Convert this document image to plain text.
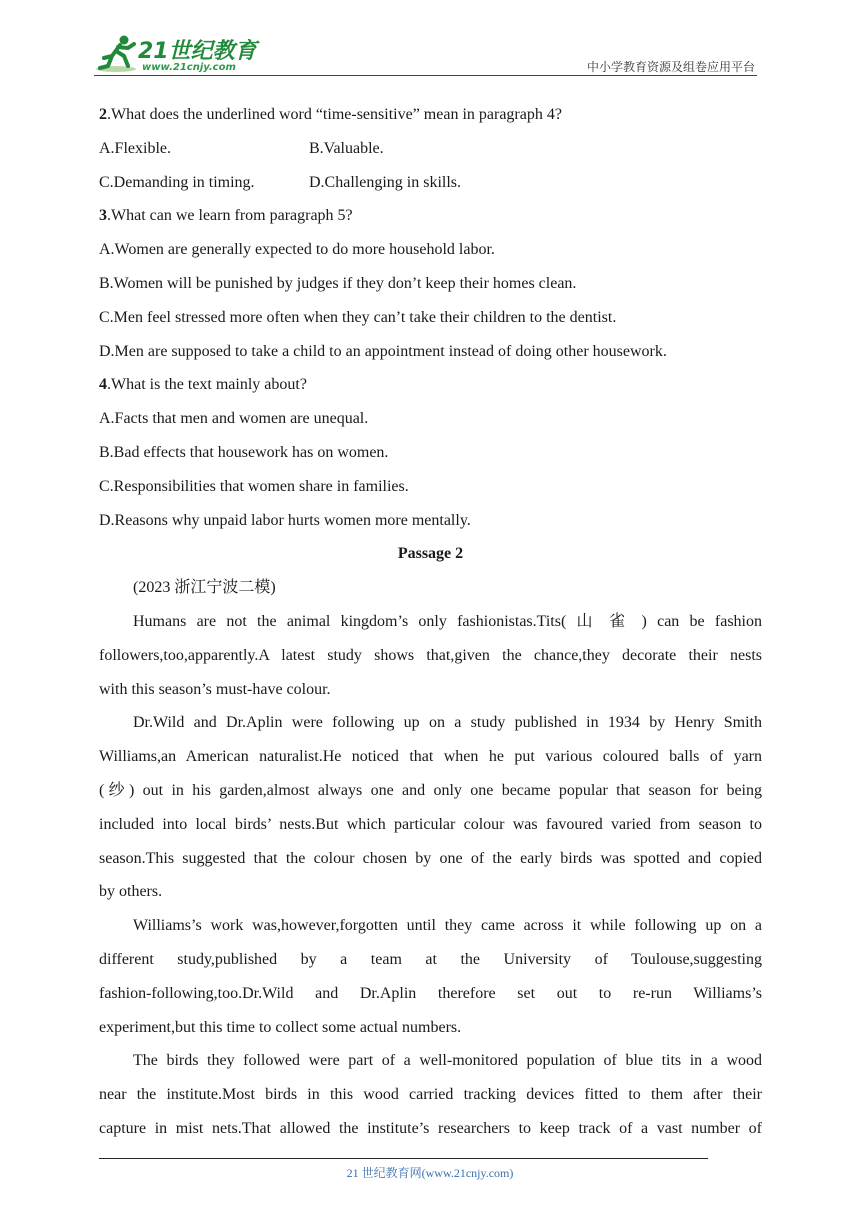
21世纪教育
www.21cnjy.com	中小学教育资源及组卷应用平台
2.What does the underlined word “time-sensitive” mean in paragraph 4?
A.Flexible.	B.Valuable.
C.Demanding in timing.	D.Challenging in skills.
3.What can we learn from paragraph 5?
A.Women are generally expected to do more household labor.
B.Women will be punished by judges if they don’t keep their homes clean.
C.Men feel stressed more often when they can’t take their children to the dentist.
D.Men are supposed to take a child to an appointment instead of doing other housework.
4.What is the text mainly about?
A.Facts that men and women are unequal.
B.Bad effects that housework has on women.
C.Responsibilities that women share in families.
D.Reasons why unpaid labor hurts women more mentally.
Passage 2
(2023 浙江宁波二模)
Humans are not the animal kingdom’s only fashionistas.Tits( 山 雀 ) can be fashion
followers,too,apparently.A latest study shows that,given the chance,they decorate their nests
with this season’s must-have colour.
Dr.Wild and Dr.Aplin were following up on a study published in 1934 by Henry Smith
Williams,an American naturalist.He noticed that when he put various coloured balls of yarn
(纱) out in his garden,almost always one and only one became popular that season for being
included into local birds’ nests.But which particular colour was favoured varied from season to
season.This suggested that the colour chosen by one of the early birds was spotted and copied
by others.
Williams’s work was,however,forgotten until they came across it while following up on a
different study,published by a team at the University of Toulouse,suggesting
fashion-following,too.Dr.Wild and Dr.Aplin therefore set out to re-run Williams’s
experiment,but this time to collect some actual numbers.
The birds they followed were part of a well-monitored population of blue tits in a wood
near the institute.Most birds in this wood carried tracking devices fitted to them after their
capture in mist nets.That allowed the institute’s researchers to keep track of a vast number of
21 世纪教育网(www.21cnjy.com)
